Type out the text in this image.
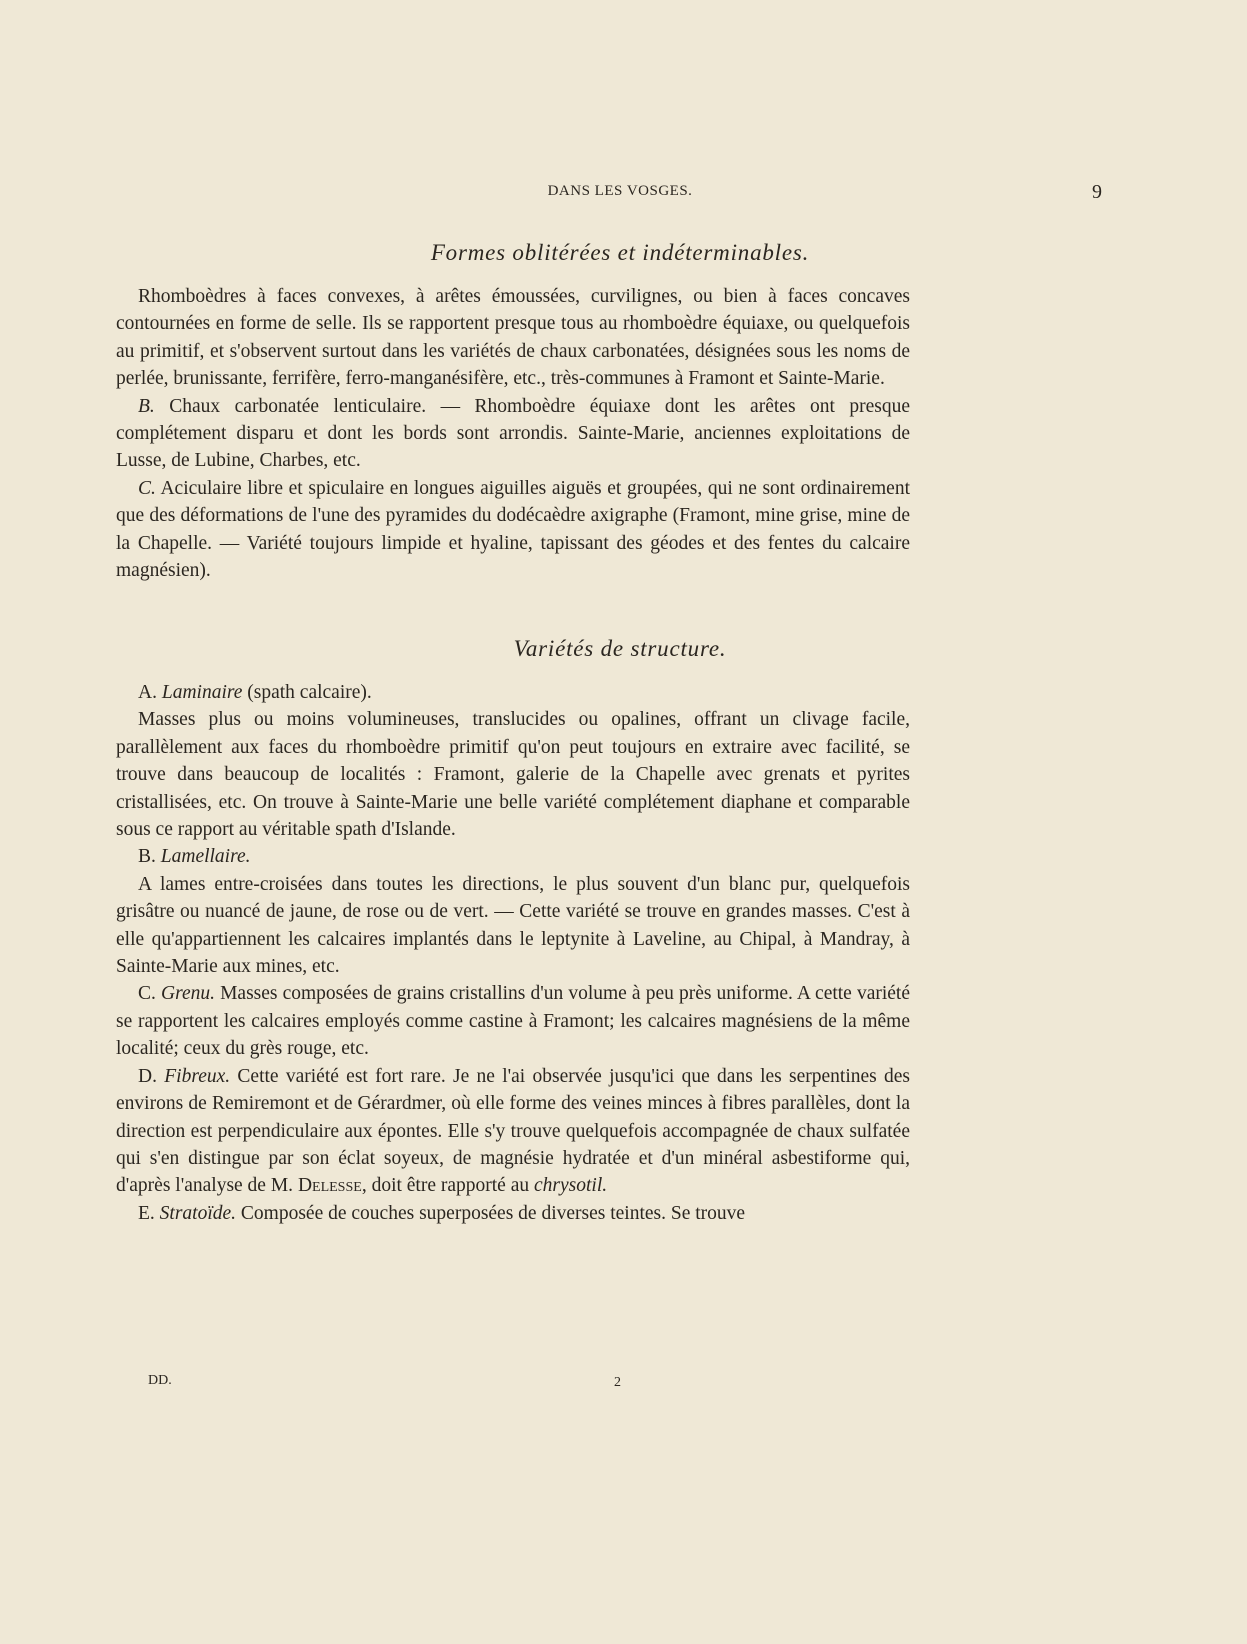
DANS LES VOSGES.	9
Formes oblitérées et indéterminables.

Rhomboèdres à faces convexes, à arêtes émoussées, curvilignes, ou bien à faces concaves contournées en forme de selle. Ils se rapportent presque tous au rhomboèdre équiaxe, ou quelquefois au primitif, et s'observent surtout dans les variétés de chaux carbonatées, désignées sous les noms de perlée, brunissante, ferrifère, ferro-manganésifère, etc., très-communes à Framont et Sainte-Marie.

B. Chaux carbonatée lenticulaire. — Rhomboèdre équiaxe dont les arêtes ont presque complétement disparu et dont les bords sont arrondis. Sainte-Marie, anciennes exploitations de Lusse, de Lubine, Charbes, etc.

C. Aciculaire libre et spiculaire en longues aiguilles aiguës et groupées, qui ne sont ordinairement que des déformations de l'une des pyramides du dodécaèdre axigraphe (Framont, mine grise, mine de la Chapelle. — Variété toujours limpide et hyaline, tapissant des géodes et des fentes du calcaire magnésien).

Variétés de structure.

A. Laminaire (spath calcaire).

Masses plus ou moins volumineuses, translucides ou opalines, offrant un clivage facile, parallèlement aux faces du rhomboèdre primitif qu'on peut toujours en extraire avec facilité, se trouve dans beaucoup de localités : Framont, galerie de la Chapelle avec grenats et pyrites cristallisées, etc. On trouve à Sainte-Marie une belle variété complétement diaphane et comparable sous ce rapport au véritable spath d'Islande.

B. Lamellaire.

A lames entre-croisées dans toutes les directions, le plus souvent d'un blanc pur, quelquefois grisâtre ou nuancé de jaune, de rose ou de vert. — Cette variété se trouve en grandes masses. C'est à elle qu'appartiennent les calcaires implantés dans le leptynite à Laveline, au Chipal, à Mandray, à Sainte-Marie aux mines, etc.

C. Grenu. Masses composées de grains cristallins d'un volume à peu près uniforme. A cette variété se rapportent les calcaires employés comme castine à Framont; les calcaires magnésiens de la même localité; ceux du grès rouge, etc.

D. Fibreux. Cette variété est fort rare. Je ne l'ai observée jusqu'ici que dans les serpentines des environs de Remiremont et de Gérardmer, où elle forme des veines minces à fibres parallèles, dont la direction est perpendiculaire aux épontes. Elle s'y trouve quelquefois accompagnée de chaux sulfatée qui s'en distingue par son éclat soyeux, de magnésie hydratée et d'un minéral asbestiforme qui, d'après l'analyse de M. Delesse, doit être rapporté au chrysotil.

E. Stratoïde. Composée de couches superposées de diverses teintes. Se trouve

DD.	2
